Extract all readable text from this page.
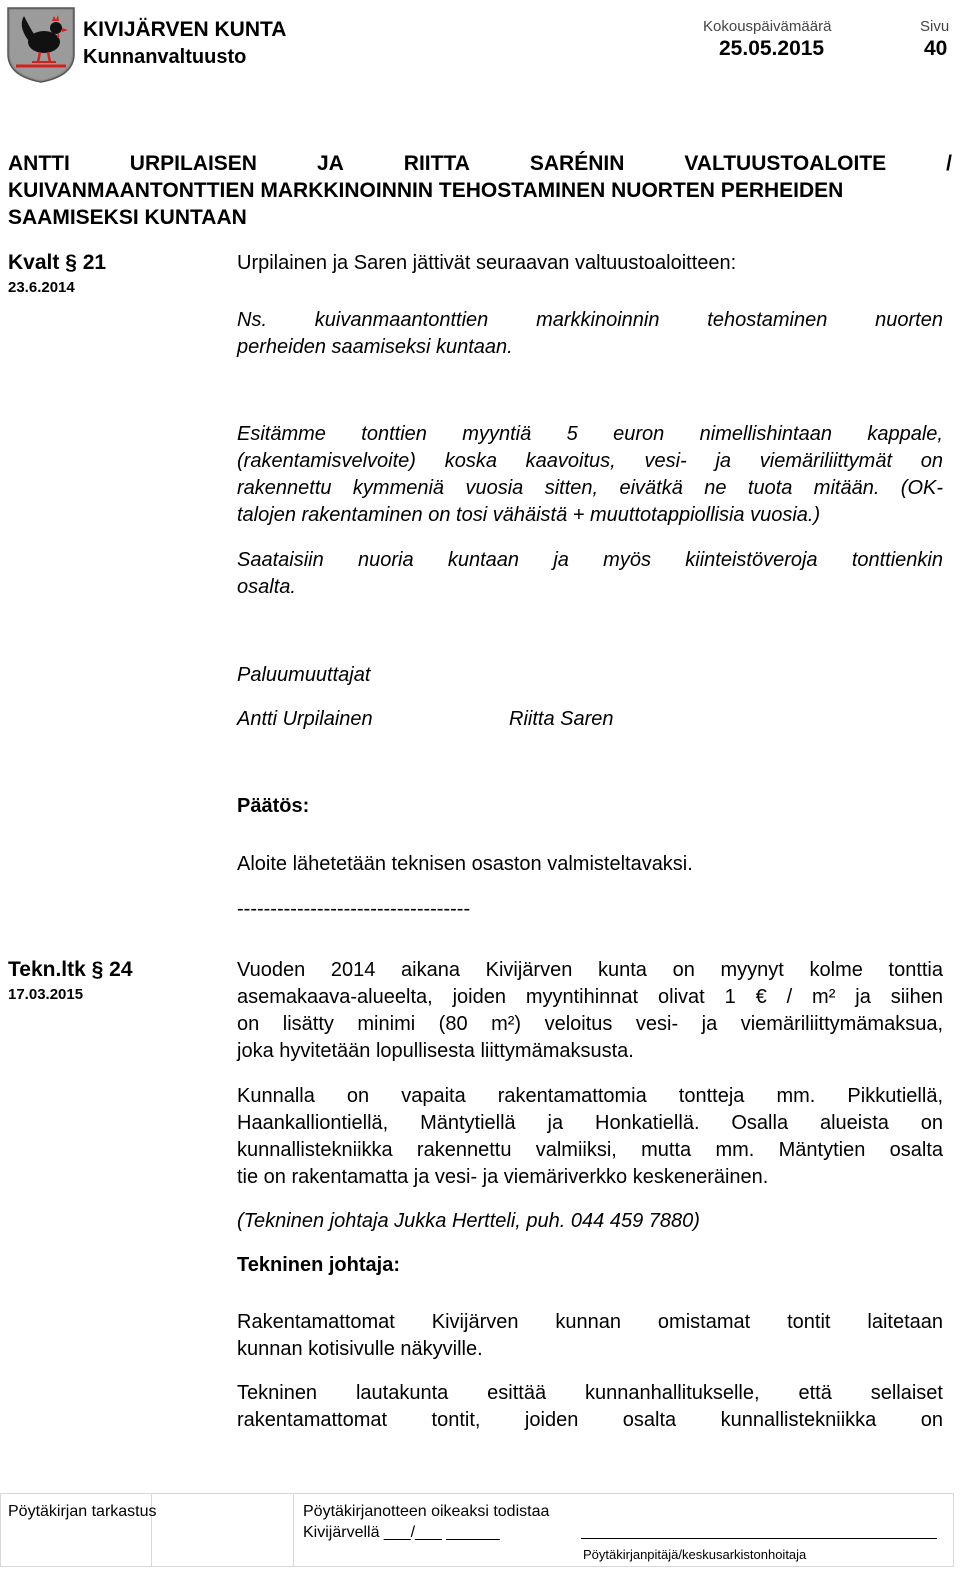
KIVIJÄRVEN KUNTA
Kunnanvaltuusto
Kokouspäivämäärä
25.05.2015
Sivu
40
ANTTI	URPILAISEN	JA	RIITTA	SARÉNIN	VALTUUSTOALOITE	/
KUIVANMAANTONTTIEN MARKKINOINNIN TEHOSTAMINEN NUORTEN PERHEIDEN
SAAMISEKSI KUNTAAN
Kvalt § 21
23.6.2014
Urpilainen ja Saren jättivät seuraavan valtuustoaloitteen:
Ns. kuivanmaantonttien markkinoinnin tehostaminen nuorten
perheiden saamiseksi kuntaan.
Esitämme tonttien myyntiä 5 euron nimellishintaan kappale,
(rakentamisvelvoite) koska kaavoitus, vesi- ja viemäriliittymät on
rakennettu kymmeniä vuosia sitten, eivätkä ne tuota mitään. (OK-
talojen rakentaminen on tosi vähäistä + muuttotappiollisia vuosia.)
Saataisiin nuoria kuntaan ja myös kiinteistöveroja tonttienkin
osalta.
Paluumuuttajat
Antti Urpilainen	Riitta Saren
Päätös:
Aloite lähetetään teknisen osaston valmisteltavaksi.
-----------------------------------
Tekn.ltk § 24
17.03.2015
Vuoden 2014 aikana Kivijärven kunta on myynyt kolme tonttia
asemakaava-alueelta, joiden myyntihinnat olivat 1 € / m² ja siihen
on lisätty minimi (80 m²) veloitus vesi- ja viemäriliittymämaksua,
joka hyvitetään lopullisesta liittymämaksusta.
Kunnalla on vapaita rakentamattomia tontteja mm. Pikkutiellä,
Haankalliontiellä, Mäntytiellä ja Honkatiellä. Osalla alueista on
kunnallistekniikka rakennettu valmiiksi, mutta mm. Mäntytien osalta
tie on rakentamatta ja vesi- ja viemäriverkko keskeneräinen.
(Tekninen johtaja Jukka Hertteli, puh. 044 459 7880)
Tekninen johtaja:
Rakentamattomat Kivijärven kunnan omistamat tontit laitetaan
kunnan kotisivulle näkyville.
Tekninen lautakunta esittää kunnanhallitukselle, että sellaiset
rakentamattomat tontit, joiden osalta kunnallistekniikka on
Pöytäkirjan tarkastus	Pöytäkirjanotteen oikeaksi todistaa
Kivijärvellä ___/___ ______
Pöytäkirjanpitäjä/keskusarkistonhoitaja
